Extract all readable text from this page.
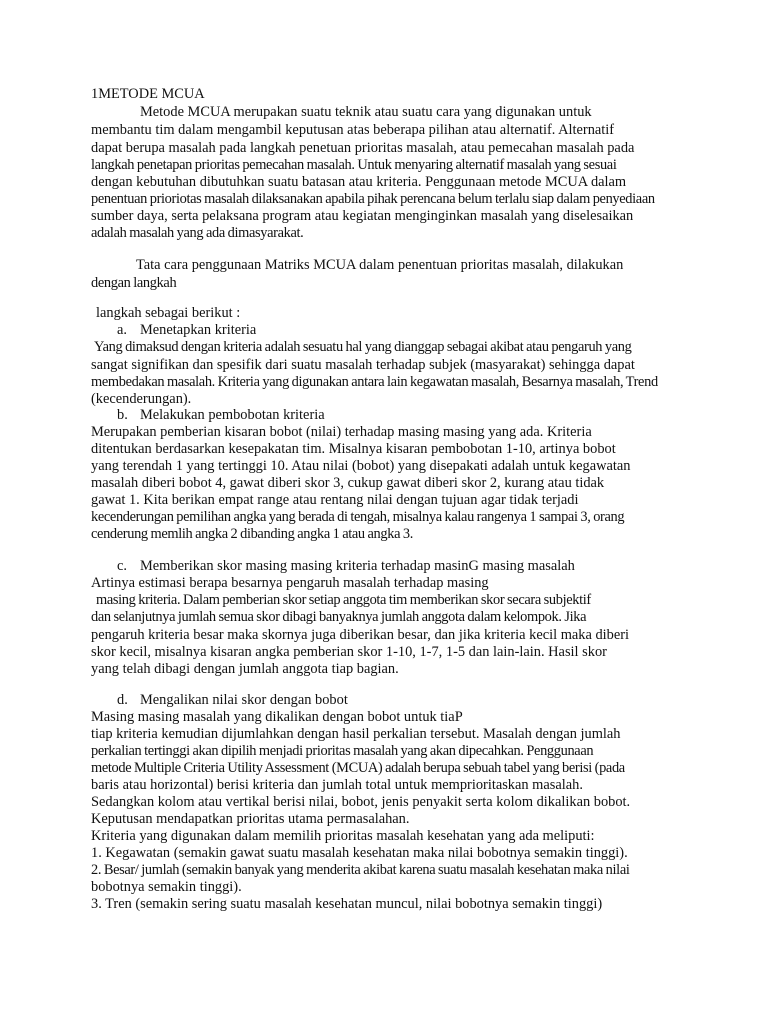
1METODE MCUA
Metode MCUA merupakan suatu teknik atau suatu cara yang digunakan untuk
membantu tim dalam mengambil keputusan atas beberapa pilihan atau alternatif. Alternatif
dapat berupa masalah pada langkah penetuan prioritas masalah, atau pemecahan masalah pada
langkah penetapan prioritas pemecahan masalah. Untuk menyaring alternatif masalah yang sesuai
dengan kebutuhan dibutuhkan suatu batasan atau kriteria. Penggunaan metode MCUA dalam
penentuan prioriotas masalah dilaksanakan apabila pihak perencana belum terlalu siap dalam penyediaan
sumber daya, serta pelaksana program atau kegiatan menginginkan masalah yang diselesaikan
adalah masalah yang ada dimasyarakat.
Tata cara penggunaan Matriks MCUA dalam penentuan prioritas masalah, dilakukan
dengan langkah
langkah sebagai berikut :
a. Menetapkan kriteria
Yang dimaksud dengan kriteria adalah sesuatu hal yang dianggap sebagai akibat atau pengaruh yang
sangat signifikan dan spesifik dari suatu masalah terhadap subjek (masyarakat) sehingga dapat
membedakan masalah. Kriteria yang digunakan antara lain kegawatan masalah, Besarnya masalah, Trend
(kecenderungan).
b. Melakukan pembobotan kriteria
Merupakan pemberian kisaran bobot (nilai) terhadap masing masing yang ada. Kriteria
ditentukan berdasarkan kesepakatan tim. Misalnya kisaran pembobotan 1-10, artinya bobot
yang terendah 1 yang tertinggi 10. Atau nilai (bobot) yang disepakati adalah untuk kegawatan
masalah diberi bobot 4, gawat diberi skor 3, cukup gawat diberi skor 2, kurang atau tidak
gawat 1. Kita berikan empat range atau rentang nilai dengan tujuan agar tidak terjadi
kecenderungan pemilihan angka yang berada di tengah, misalnya kalau rangenya 1 sampai 3, orang
cenderung memlih angka 2 dibanding angka 1 atau angka 3.
c. Memberikan skor masing masing kriteria terhadap masinG masing masalah
Artinya estimasi berapa besarnya pengaruh masalah terhadap masing
masing kriteria. Dalam pemberian skor setiap anggota tim memberikan skor secara subjektif
dan selanjutnya jumlah semua skor dibagi banyaknya jumlah anggota dalam kelompok. Jika
pengaruh kriteria besar maka skornya juga diberikan besar, dan jika kriteria kecil maka diberi
skor kecil, misalnya kisaran angka pemberian skor 1-10, 1-7, 1-5 dan lain-lain. Hasil skor
yang telah dibagi dengan jumlah anggota tiap bagian.
d. Mengalikan nilai skor dengan bobot
Masing masing masalah yang dikalikan dengan bobot untuk tiaP
tiap kriteria kemudian dijumlahkan dengan hasil perkalian tersebut. Masalah dengan jumlah
perkalian tertinggi akan dipilih menjadi prioritas masalah yang akan dipecahkan. Penggunaan
metode Multiple Criteria Utility Assessment (MCUA) adalah berupa sebuah tabel yang berisi (pada
baris atau horizontal) berisi kriteria dan jumlah total untuk memprioritaskan masalah.
Sedangkan kolom atau vertikal berisi nilai, bobot, jenis penyakit serta kolom dikalikan bobot.
Keputusan mendapatkan prioritas utama permasalahan.
Kriteria yang digunakan dalam memilih prioritas masalah kesehatan yang ada meliputi:
1. Kegawatan (semakin gawat suatu masalah kesehatan maka nilai bobotnya semakin tinggi).
2. Besar/ jumlah (semakin banyak yang menderita akibat karena suatu masalah kesehatan maka nilai
bobotnya semakin tinggi).
3. Tren (semakin sering suatu masalah kesehatan muncul, nilai bobotnya semakin tinggi)
